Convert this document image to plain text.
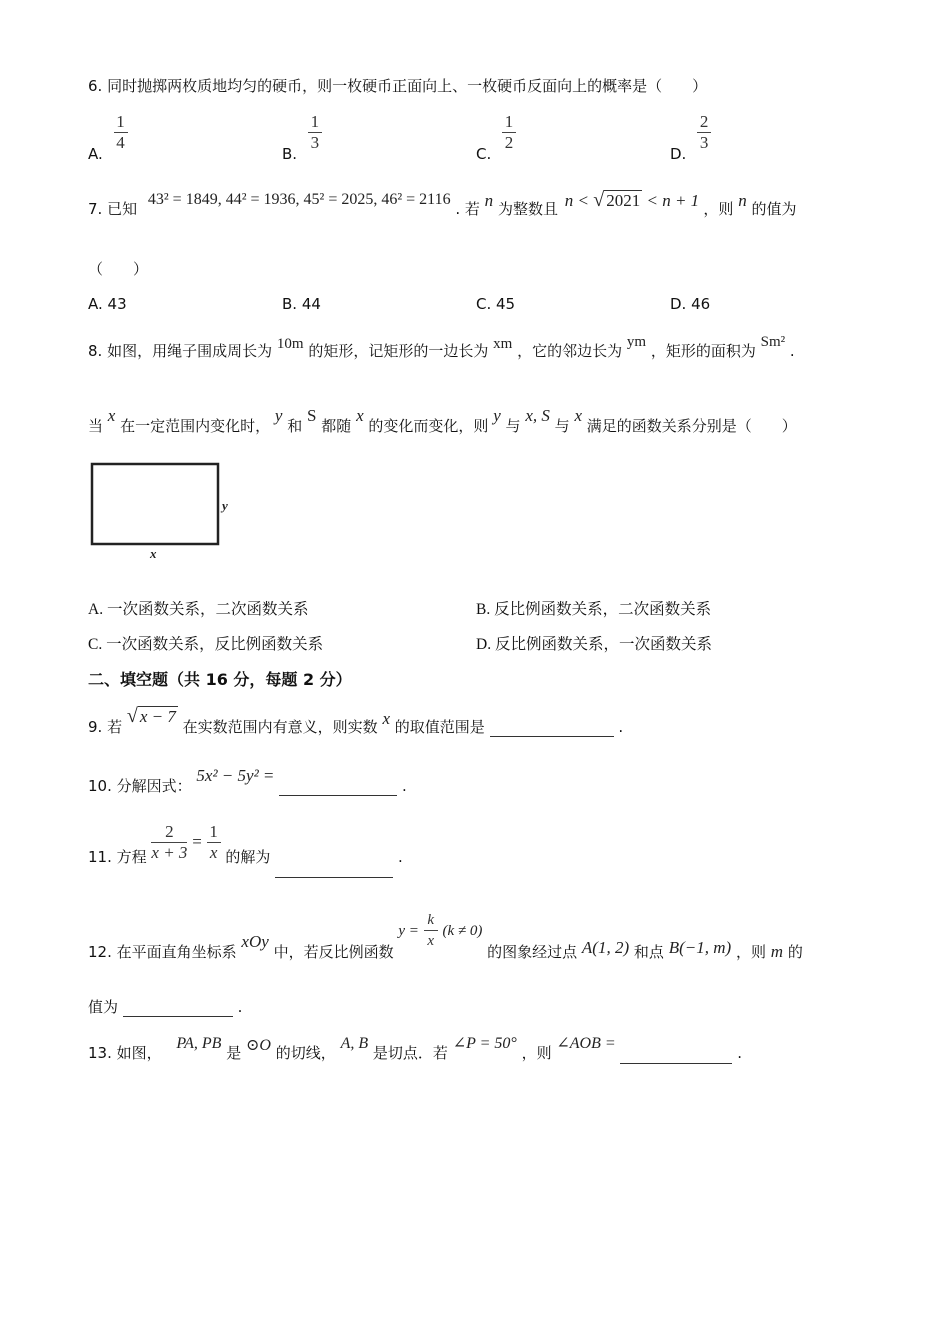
6. 同时抛掷两枚质地均匀的硬币，则一枚硬币正面向上、一枚硬币反面向上的概率是（　　）
A.
$\frac{1}{4}$
B.
$\frac{1}{3}$
C.
$\frac{1}{2}$
D.
$\frac{2}{3}$
7. 已知 43² = 1849, 44² = 1936, 45² = 2025, 46² = 2116 . 若 n 为整数且 n < √ 2021 < n + 1 ，则 n 的值为
（　　）
A. 43	B. 44	C. 45	D. 46
8. 如图，用绳子围成周长为 10m 的矩形，记矩形的一边长为 xm ，它的邻边长为 ym ，矩形的面积为 Sm² .
当 x 在一定范围内变化时， y 和 S 都随 x 的变化而变化，则 y 与 x, S 与 x 满足的函数关系分别是（　　）
y
x
A. 一次函数关系，二次函数关系	B. 反比例函数关系，二次函数关系
C. 一次函数关系，反比例函数关系	D. 反比例函数关系，一次函数关系
二、填空题（共 16 分，每题 2 分）
9. 若 √ x − 7 在实数范围内有意义，则实数 x 的取值范围是	.
10. 分解因式： 5x² − 5y² =  .
11. 方程 $\frac{2}{x + 3} = \frac{1}{x}$ 的解为	.
12. 在平面直角坐标系 xOy 中，若反比例函数 $y = \frac{k}{x} (k \ne 0)$ 的图象经过点 A(1, 2) 和点 B(−1, m) ，则 m 的
值为	.
13. 如图， PA, PB 是 ⊙O 的切线， A, B 是切点．若 ∠P = 50° ，则 ∠AOB =  .
